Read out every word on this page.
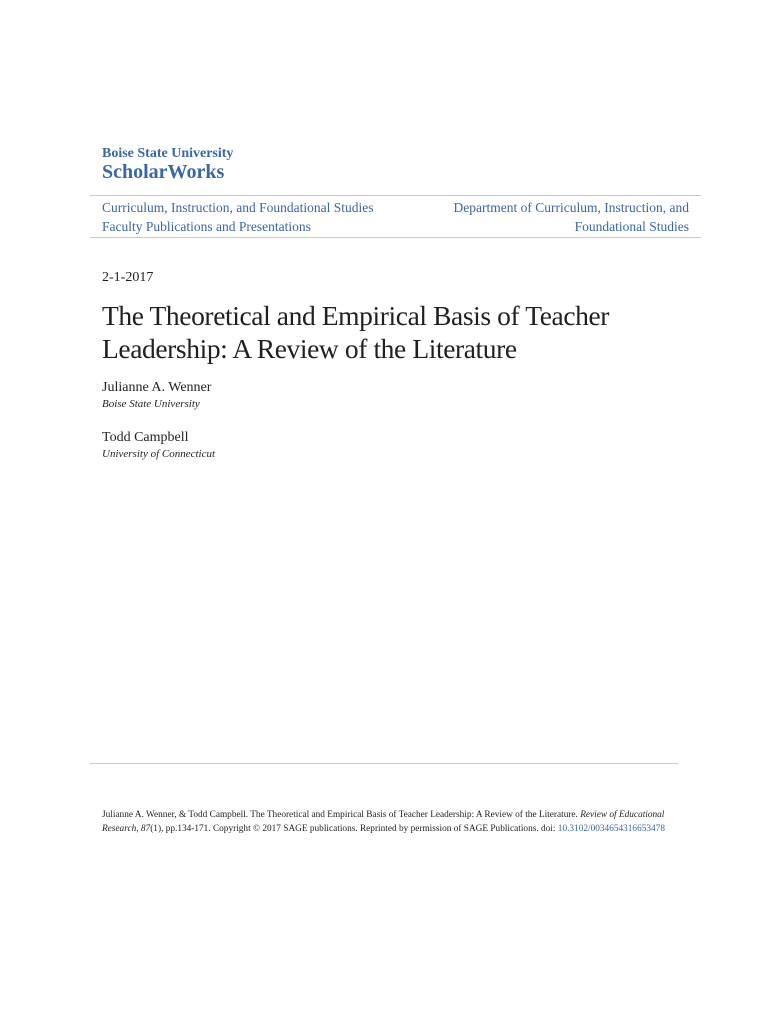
Boise State University
ScholarWorks
Curriculum, Instruction, and Foundational Studies
Faculty Publications and Presentations
Department of Curriculum, Instruction, and
Foundational Studies
2-1-2017
The Theoretical and Empirical Basis of Teacher
Leadership: A Review of the Literature
Julianne A. Wenner
Boise State University
Todd Campbell
University of Connecticut
Julianne A. Wenner, & Todd Campbell. The Theoretical and Empirical Basis of Teacher Leadership: A Review of the Literature. Review of Educational Research, 87(1), pp.134-171. Copyright © 2017 SAGE publications. Reprinted by permission of SAGE Publications. doi: 10.3102/0034654316653478
